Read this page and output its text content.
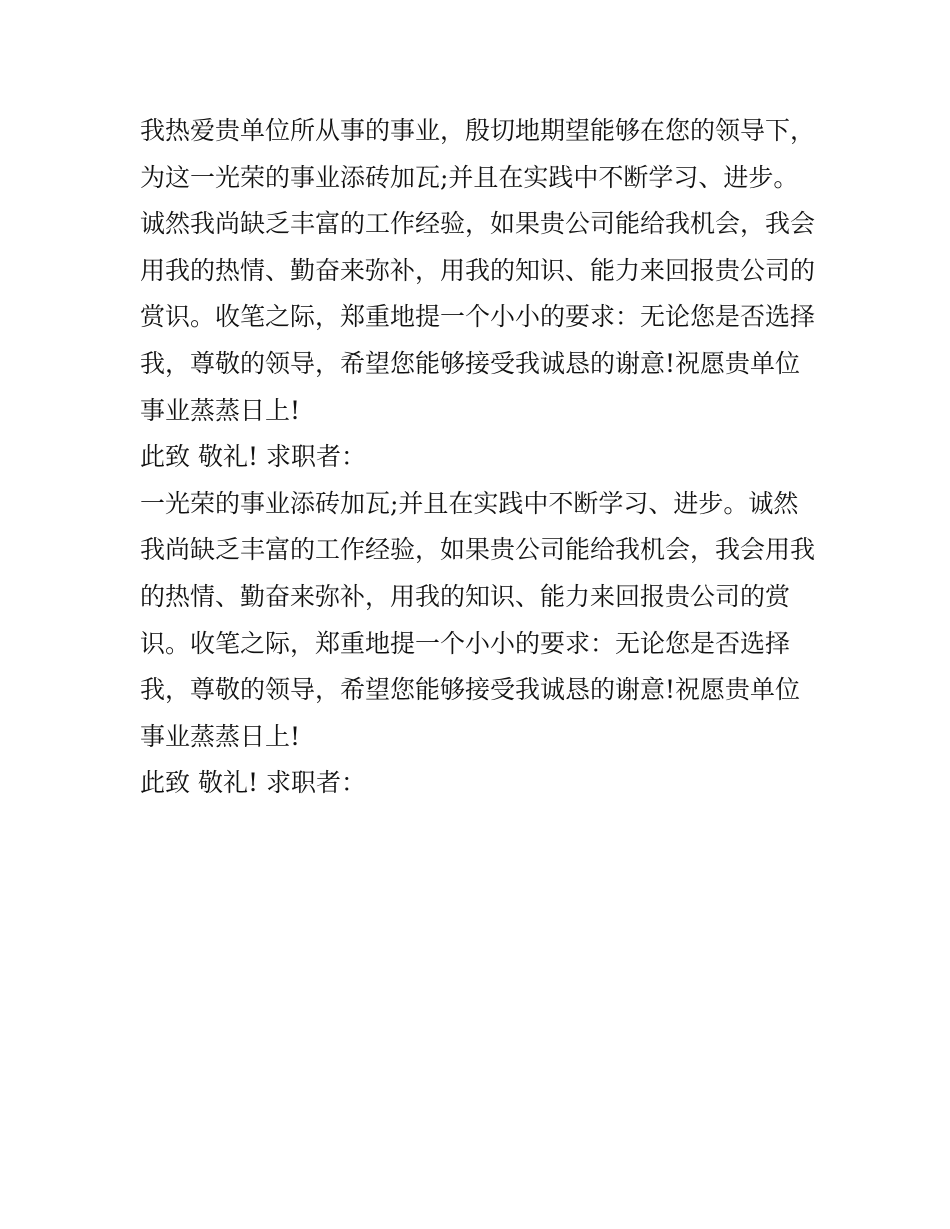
我热爱贵单位所从事的事业，殷切地期望能够在您的领导下，

为这一光荣的事业添砖加瓦;并且在实践中不断学习、进步。

诚然我尚缺乏丰富的工作经验，如果贵公司能给我机会，我会

用我的热情、勤奋来弥补，用我的知识、能力来回报贵公司的

赏识。收笔之际，郑重地提一个小小的要求：无论您是否选择

我，尊敬的领导，希望您能够接受我诚恳的谢意!祝愿贵单位

事业蒸蒸日上!

此致 敬礼! 求职者：

一光荣的事业添砖加瓦;并且在实践中不断学习、进步。诚然

我尚缺乏丰富的工作经验，如果贵公司能给我机会，我会用我

的热情、勤奋来弥补，用我的知识、能力来回报贵公司的赏

识。收笔之际，郑重地提一个小小的要求：无论您是否选择

我，尊敬的领导，希望您能够接受我诚恳的谢意!祝愿贵单位

事业蒸蒸日上!

此致 敬礼! 求职者：
